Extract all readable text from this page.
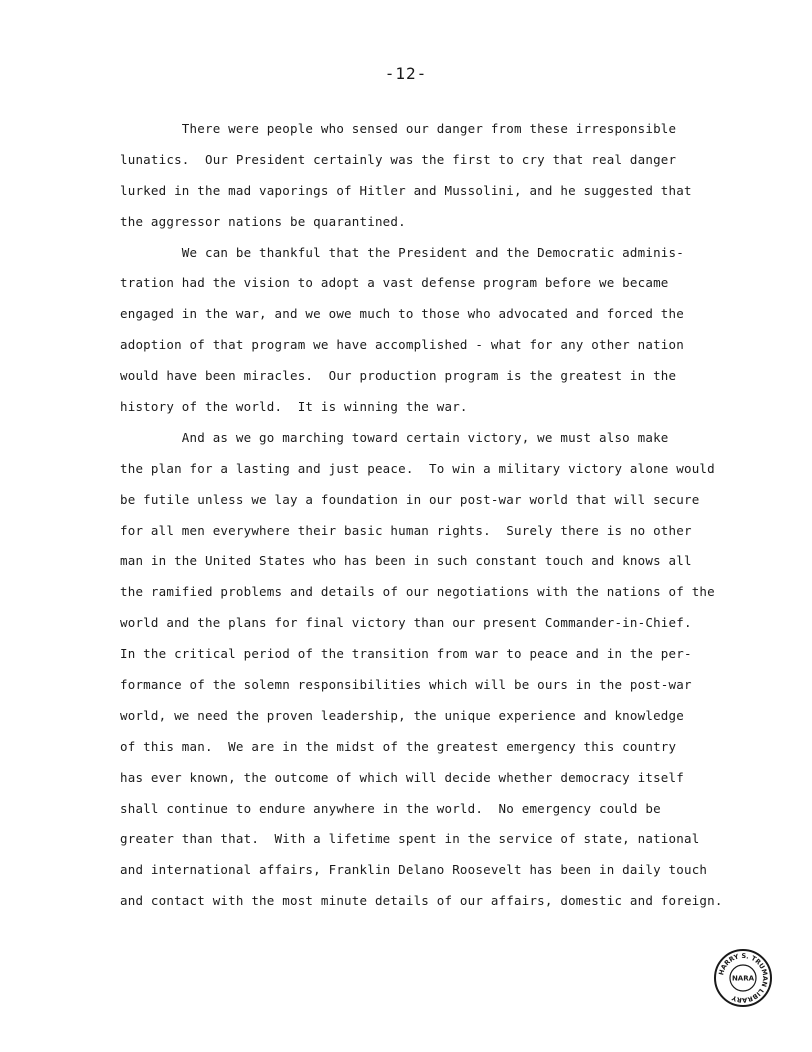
-12-
There were people who sensed our danger from these irresponsible
lunatics.  Our President certainly was the first to cry that real danger
lurked in the mad vaporings of Hitler and Mussolini, and he suggested that
the aggressor nations be quarantined.
We can be thankful that the President and the Democratic adminis-
tration had the vision to adopt a vast defense program before we became
engaged in the war, and we owe much to those who advocated and forced the
adoption of that program we have accomplished - what for any other nation
would have been miracles.  Our production program is the greatest in the
history of the world.  It is winning the war.
And as we go marching toward certain victory, we must also make
the plan for a lasting and just peace.  To win a military victory alone would
be futile unless we lay a foundation in our post-war world that will secure
for all men everywhere their basic human rights.  Surely there is no other
man in the United States who has been in such constant touch and knows all
the ramified problems and details of our negotiations with the nations of the
world and the plans for final victory than our present Commander-in-Chief.
In the critical period of the transition from war to peace and in the per-
formance of the solemn responsibilities which will be ours in the post-war
world, we need the proven leadership, the unique experience and knowledge
of this man.  We are in the midst of the greatest emergency this country
has ever known, the outcome of which will decide whether democracy itself
shall continue to endure anywhere in the world.  No emergency could be
greater than that.  With a lifetime spent in the service of state, national
and international affairs, Franklin Delano Roosevelt has been in daily touch
and contact with the most minute details of our affairs, domestic and foreign.
HARRY S. TRUMAN LIBRARY
NARA
